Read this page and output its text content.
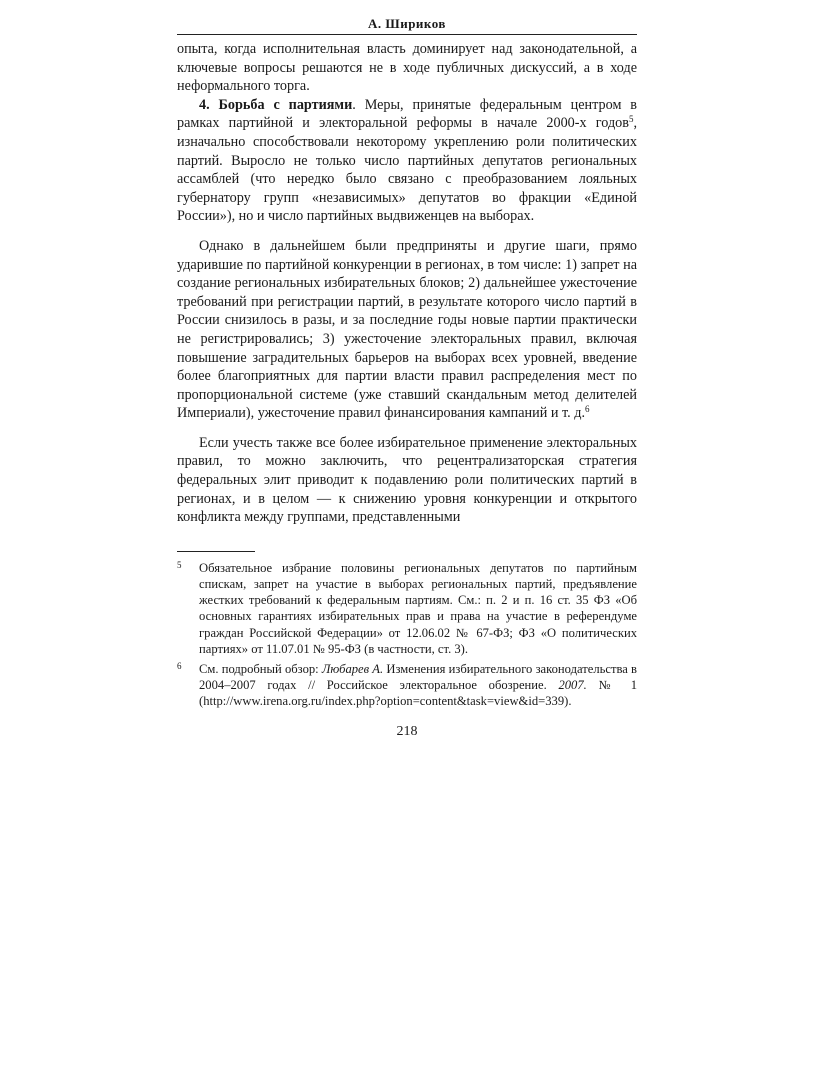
А. Шириков

опыта, когда исполнительная власть доминирует над законодательной, а ключевые вопросы решаются не в ходе публичных дискуссий, а в ходе неформального торга.

4. Борьба с партиями. Меры, принятые федеральным центром в рамках партийной и электоральной реформы в начале 2000-х годов$^5$, изначально способствовали некоторому укреплению роли политических партий. Выросло не только число партийных депутатов региональных ассамблей (что нередко было связано с преобразованием лояльных губернатору групп «независимых» депутатов во фракции «Единой России»), но и число партийных выдвиженцев на выборах.

Однако в дальнейшем были предприняты и другие шаги, прямо ударившие по партийной конкуренции в регионах, в том числе: 1) запрет на создание региональных избирательных блоков; 2) дальнейшее ужесточение требований при регистрации партий, в результате которого число партий в России снизилось в разы, и за последние годы новые партии практически не регистрировались; 3) ужесточение электоральных правил, включая повышение заградительных барьеров на выборах всех уровней, введение более благоприятных для партии власти правил распределения мест по пропорциональной системе (уже ставший скандальным метод делителей Империали), ужесточение правил финансирования кампаний и т. д.$^6$

Если учесть также все более избирательное применение электоральных правил, то можно заключить, что рецентрализаторская стратегия федеральных элит приводит к подавлению роли политических партий в регионах, и в целом — к снижению уровня конкуренции и открытого конфликта между группами, представленными

5 Обязательное избрание половины региональных депутатов по партийным спискам, запрет на участие в выборах региональных партий, предъявление жестких требований к федеральным партиям. См.: п. 2 и п. 16 ст. 35 ФЗ «Об основных гарантиях избирательных прав и права на участие в референдуме граждан Российской Федерации» от 12.06.02 № 67-ФЗ; ФЗ «О политических партиях» от 11.07.01 № 95-ФЗ (в частности, ст. 3).
6 См. подробный обзор: Любарев А. Изменения избирательного законодательства в 2004–2007 годах // Российское электоральное обозрение. 2007. № 1 (http://www.irena.org.ru/index.php?option=content&task=view&id=339).
218
